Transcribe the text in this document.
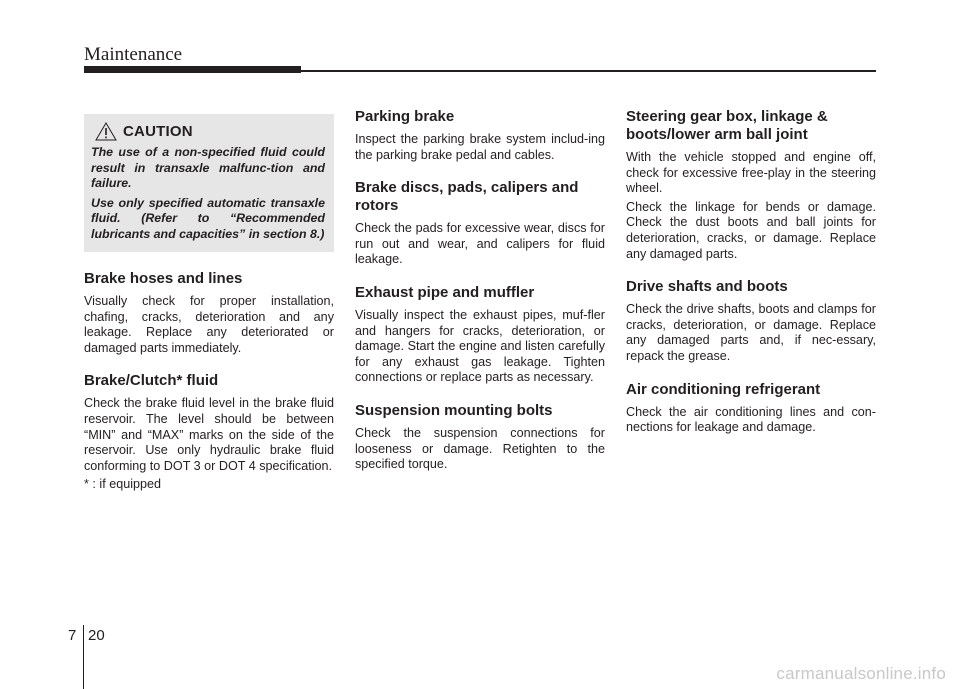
Maintenance
CAUTION

The use of a non-specified fluid could result in transaxle malfunc-tion and failure.

Use only specified automatic transaxle fluid. (Refer to “Recommended lubricants and capacities” in section 8.)

Brake hoses and lines

Visually check for proper installation, chafing, cracks, deterioration and any leakage. Replace any deteriorated or damaged parts immediately.

Brake/Clutch* fluid

Check the brake fluid level in the brake fluid reservoir. The level should be between “MIN” and “MAX” marks on the side of the reservoir. Use only hydraulic brake fluid conforming to DOT 3 or DOT 4 specification.

* : if equipped

Parking brake

Inspect the parking brake system includ-ing the parking brake pedal and cables.

Brake discs, pads, calipers and rotors

Check the pads for excessive wear, discs for run out and wear, and calipers for fluid leakage.

Exhaust pipe and muffler

Visually inspect the exhaust pipes, muf-fler and hangers for cracks, deterioration, or damage. Start the engine and listen carefully for any exhaust gas leakage. Tighten connections or replace parts as necessary.

Suspension mounting bolts

Check the suspension connections for looseness or damage. Retighten to the specified torque.

Steering gear box, linkage & boots/lower arm ball joint

With the vehicle stopped and engine off, check for excessive free-play in the steering wheel.

Check the linkage for bends or damage. Check the dust boots and ball joints for deterioration, cracks, or damage. Replace any damaged parts.

Drive shafts and boots

Check the drive shafts, boots and clamps for cracks, deterioration, or damage. Replace any damaged parts and, if nec-essary, repack the grease.

Air conditioning refrigerant

Check the air conditioning lines and con-nections for leakage and damage.

7 20
carmanualsonline.info
